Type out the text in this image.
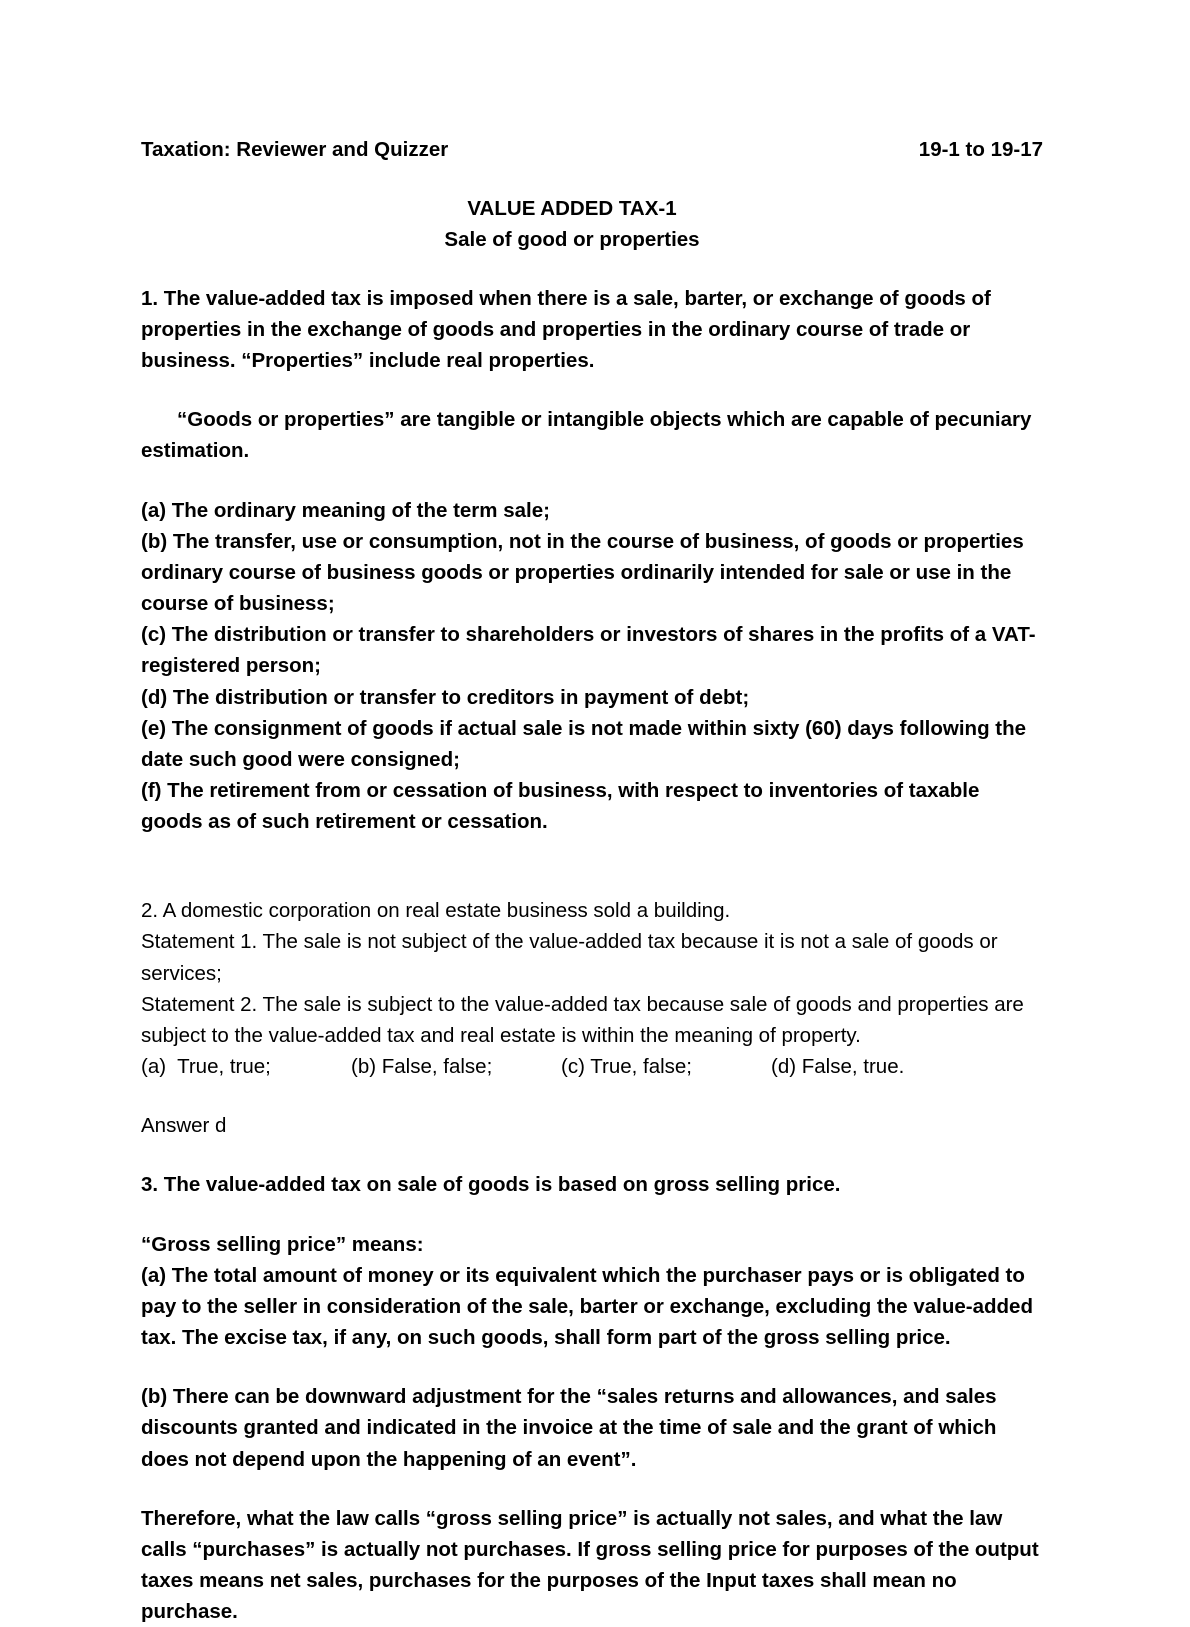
Taxation: Reviewer and Quizzer	19-1 to 19-17
VALUE ADDED TAX-1
Sale of good or properties

1. The value-added tax is imposed when there is a sale, barter, or exchange of goods of properties in the exchange of goods and properties in the ordinary course of trade or business. “Properties” include real properties.

“Goods or properties” are tangible or intangible objects which are capable of pecuniary estimation.

(a) The ordinary meaning of the term sale;

(b) The transfer, use or consumption, not in the course of business, of goods or properties ordinary course of business goods or properties ordinarily intended for sale or use in the course of business;

(c) The distribution or transfer to shareholders or investors of shares in the profits of a VAT-registered person;

(d) The distribution or transfer to creditors in payment of debt;

(e) The consignment of goods if actual sale is not made within sixty (60) days following the date such good were consigned;

(f) The retirement from or cessation of business, with respect to inventories of taxable goods as of such retirement or cessation.

2. A domestic corporation on real estate business sold a building.

Statement 1. The sale is not subject of the value-added tax because it is not a sale of goods or services;

Statement 2. The sale is subject to the value-added tax because sale of goods and properties are subject to the value-added tax and real estate is within the meaning of property.

(a)  True, true;	(b) False, false;	(c) True, false;	(d) False, true.

Answer d

3. The value-added tax on sale of goods is based on gross selling price.

“Gross selling price” means:

(a) The total amount of money or its equivalent which the purchaser pays or is obligated to pay to the seller in consideration of the sale, barter or exchange, excluding the value-added tax. The excise tax, if any, on such goods, shall form part of the gross selling price.

(b) There can be downward adjustment for the “sales returns and allowances, and sales discounts granted and indicated in the invoice at the time of sale and the grant of which does not depend upon the happening of an event”.

Therefore, what the law calls “gross selling price” is actually not sales, and what the law calls “purchases” is actually not purchases. If gross selling price for purposes of the output taxes means net sales, purchases for the purposes of the Input taxes shall mean no purchase.
